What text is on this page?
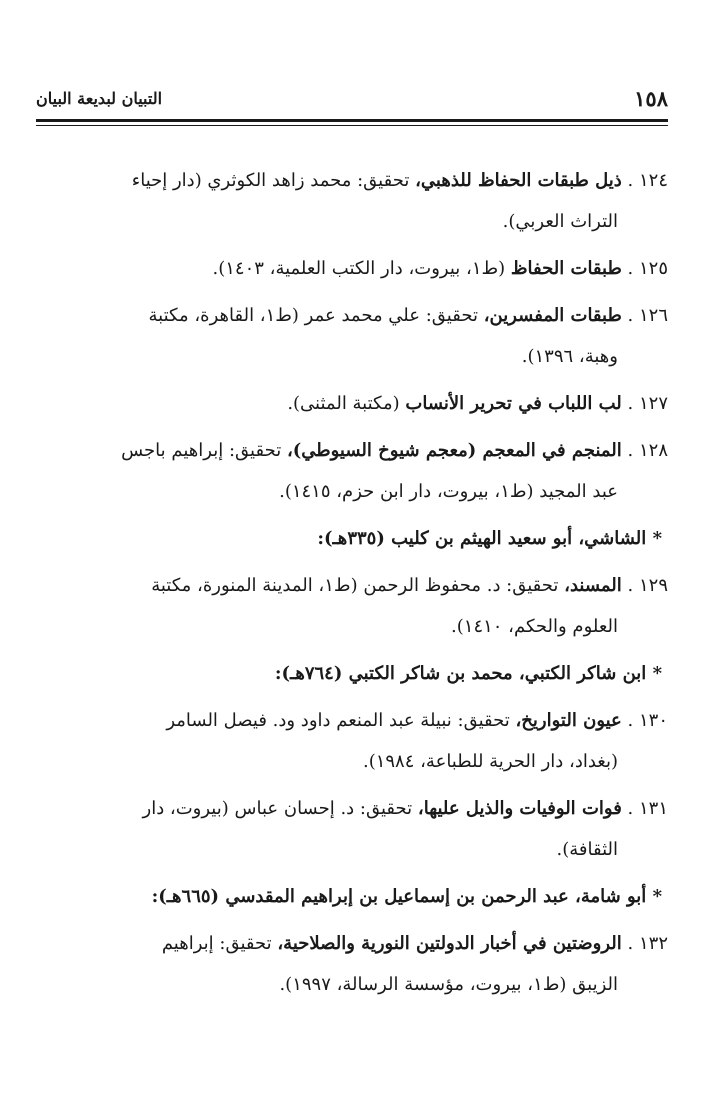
١٥٨
التبيان لبديعة البيان
١٢٤ . ذيل طبقات الحفاظ للذهبي، تحقيق: محمد زاهد الكوثري (دار إحياء
التراث العربي).
١٢٥ . طبقات الحفاظ (ط١، بيروت، دار الكتب العلمية، ١٤٠٣).
١٢٦ . طبقات المفسرين، تحقيق: علي محمد عمر (ط١، القاهرة، مكتبة
وهبة، ١٣٩٦).
١٢٧ . لب اللباب في تحرير الأنساب (مكتبة المثنى).
١٢٨ . المنجم في المعجم (معجم شيوخ السيوطي)، تحقيق: إبراهيم باجس
عبد المجيد (ط١، بيروت، دار ابن حزم، ١٤١٥).
* الشاشي، أبو سعيد الهيثم بن كليب (٣٣٥هـ):
١٢٩ . المسند، تحقيق: د. محفوظ الرحمن (ط١، المدينة المنورة، مكتبة
العلوم والحكم، ١٤١٠).
* ابن شاكر الكتبي، محمد بن شاكر الكتبي (٧٦٤هـ):
١٣٠ . عيون التواريخ، تحقيق: نبيلة عبد المنعم داود ود. فيصل السامر
(بغداد، دار الحرية للطباعة، ١٩٨٤).
١٣١ . فوات الوفيات والذيل عليها، تحقيق: د. إحسان عباس (بيروت، دار
الثقافة).
* أبو شامة، عبد الرحمن بن إسماعيل بن إبراهيم المقدسي (٦٦٥هـ):
١٣٢ . الروضتين في أخبار الدولتين النورية والصلاحية، تحقيق: إبراهيم
الزيبق (ط١، بيروت، مؤسسة الرسالة، ١٩٩٧).
